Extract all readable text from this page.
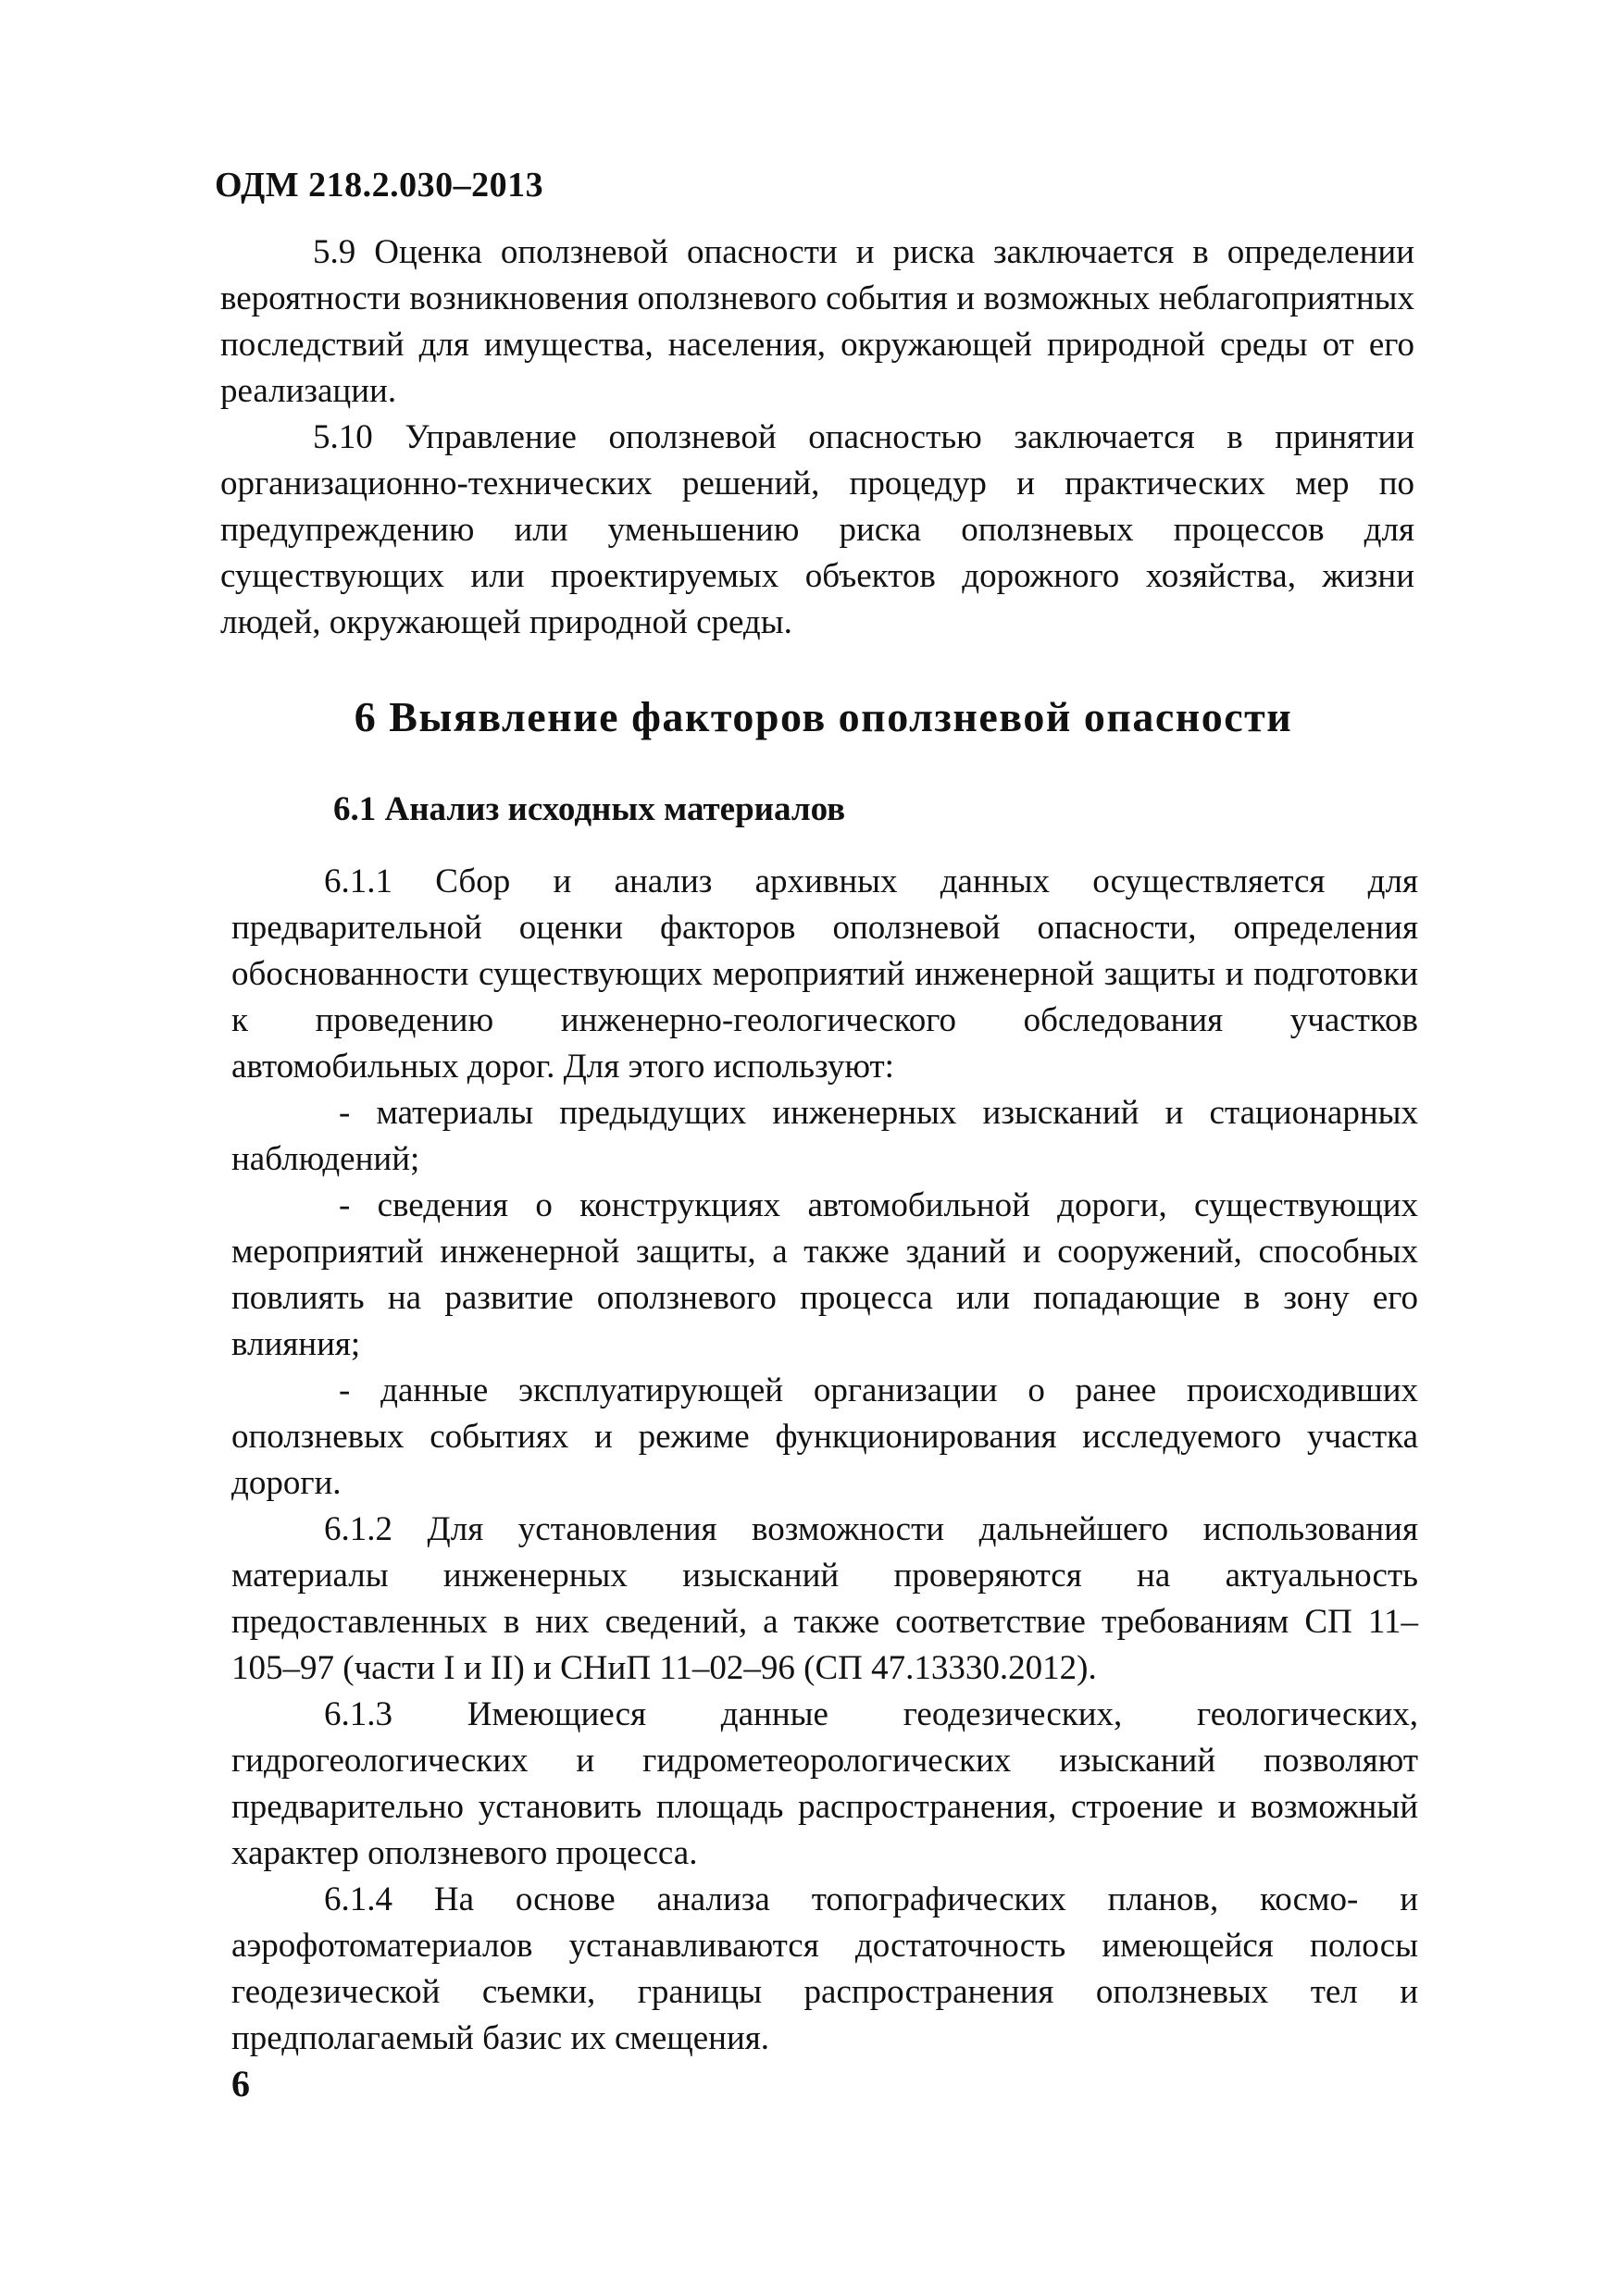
ОДМ 218.2.030–2013

5.9 Оценка оползневой опасности и риска заключается в определении вероятности возникновения оползневого события и возможных неблагоприятных последствий для имущества, населения, окружающей природной среды от его реализации.

5.10 Управление оползневой опасностью заключается в принятии организационно-технических решений, процедур и практических мер по предупреждению или уменьшению риска оползневых процессов для существующих или проектируемых объектов дорожного хозяйства, жизни людей, окружающей природной среды.

6 Выявление факторов оползневой опасности
6.1 Анализ исходных материалов

6.1.1 Сбор и анализ архивных данных осуществляется для предварительной оценки факторов оползневой опасности, определения обоснованности существующих мероприятий инженерной защиты и подготовки к проведению инженерно-геологического обследования участков автомобильных дорог. Для этого используют:

- материалы предыдущих инженерных изысканий и стационарных наблюдений;

- сведения о конструкциях автомобильной дороги, существующих мероприятий инженерной защиты, а также зданий и сооружений, способных повлиять на развитие оползневого процесса или попадающие в зону его влияния;

- данные эксплуатирующей организации о ранее происходивших оползневых событиях и режиме функционирования исследуемого участка дороги.

6.1.2 Для установления возможности дальнейшего использования материалы инженерных изысканий проверяются на актуальность предоставленных в них сведений, а также соответствие требованиям СП 11–105–97 (части I и II) и СНиП 11–02–96 (СП 47.13330.2012).

6.1.3 Имеющиеся данные геодезических, геологических, гидрогеологических и гидрометеорологических изысканий позволяют предварительно установить площадь распространения, строение и возможный характер оползневого процесса.

6.1.4 На основе анализа топографических планов, космо- и аэрофотоматериалов устанавливаются достаточность имеющейся полосы геодезической съемки, границы распространения оползневых тел и предполагаемый базис их смещения.

6
